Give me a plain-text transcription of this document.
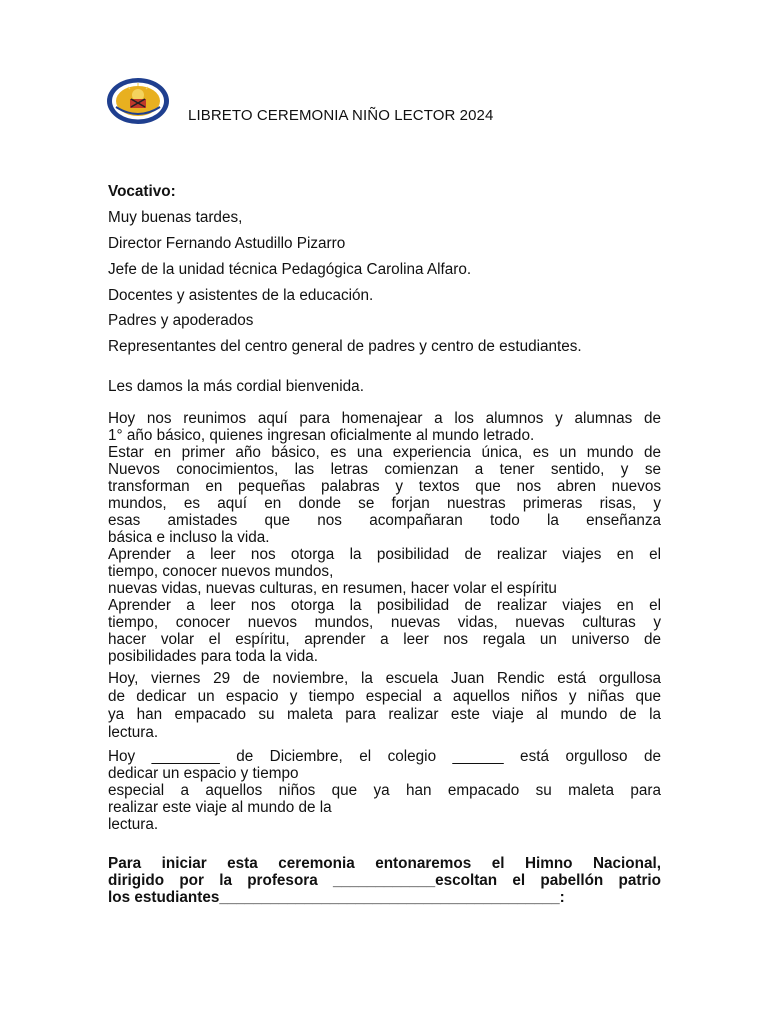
LIBRETO CEREMONIA NIÑO LECTOR 2024
Vocativo:
Muy buenas tardes,
Director Fernando Astudillo Pizarro
Jefe de la unidad técnica Pedagógica Carolina Alfaro.
Docentes y asistentes de la educación.
Padres y apoderados
Representantes del centro general de padres y centro de estudiantes.
Les damos la más cordial bienvenida.

Hoy nos reunimos aquí para homenajear a los alumnos y alumnas de

1° año básico, quienes ingresan oficialmente al mundo letrado.

Estar en primer año básico, es una experiencia única, es un mundo de

Nuevos conocimientos, las letras comienzan a tener sentido, y se

transforman en pequeñas palabras y textos que nos abren nuevos

mundos, es aquí en donde se forjan nuestras primeras risas, y

esas amistades que nos acompañaran todo la enseñanza

básica e incluso la vida.

Aprender a leer nos otorga la posibilidad de realizar viajes en el

tiempo, conocer nuevos mundos,

nuevas vidas, nuevas culturas, en resumen, hacer volar el espíritu

Aprender a leer nos otorga la posibilidad de realizar viajes en el

tiempo, conocer nuevos mundos, nuevas vidas, nuevas culturas y

hacer volar el espíritu, aprender a leer nos regala un universo de

posibilidades para toda la vida.

Hoy, viernes 29 de noviembre, la escuela Juan Rendic está orgullosa

de dedicar un espacio y tiempo especial a aquellos niños y niñas que

ya han empacado su maleta para realizar este viaje al mundo de la

lectura.

Hoy ________ de Diciembre, el colegio ______ está orgulloso de

dedicar un espacio y tiempo

especial a aquellos niños que ya han empacado su maleta para

realizar este viaje al mundo de la

lectura.

Para iniciar esta ceremonia entonaremos el Himno Nacional,

dirigido por la profesora ____________escoltan el pabellón patrio

los estudiantes________________________________________:
